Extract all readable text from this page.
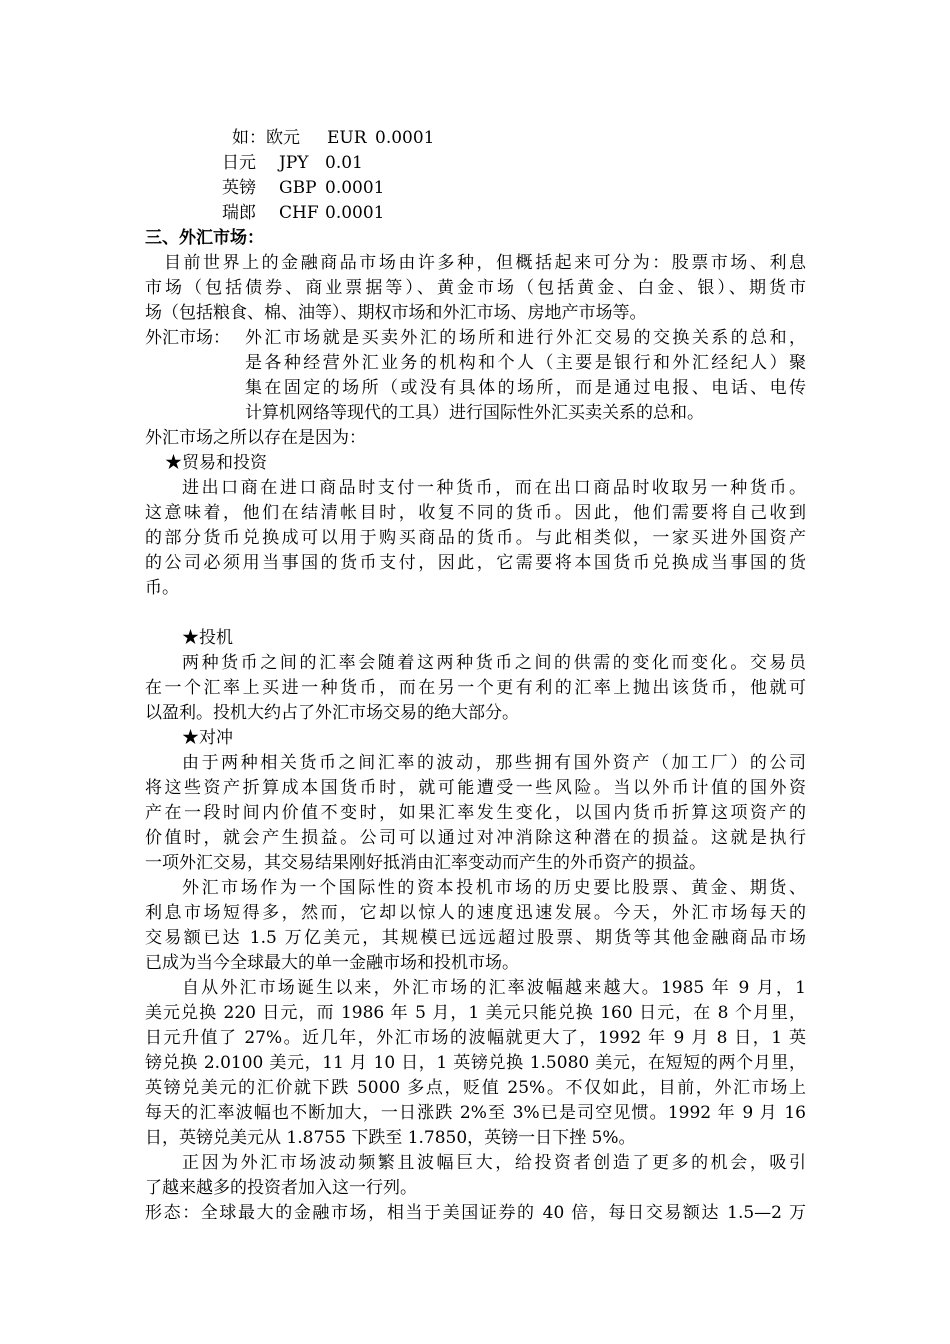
如：欧元 EUR 0.0001
日元 JPY 0.01
英镑 GBP 0.0001
瑞郎 CHF 0.0001
三、外汇市场：
目前世界上的金融商品市场由许多种，但概括起来可分为：股票市场、利息
市场（包括债券、商业票据等）、黄金市场（包括黄金、白金、银）、期货市
场（包括粮食、棉、油等）、期权市场和外汇市场、房地产市场等。
外汇市场： 外汇市场就是买卖外汇的场所和进行外汇交易的交换关系的总和，
是各种经营外汇业务的机构和个人（主要是银行和外汇经纪人）聚
集在固定的场所（或没有具体的场所，而是通过电报、电话、电传
计算机网络等现代的工具）进行国际性外汇买卖关系的总和。
外汇市场之所以存在是因为：
★贸易和投资
进出口商在进口商品时支付一种货币，而在出口商品时收取另一种货币。
这意味着，他们在结清帐目时，收复不同的货币。因此，他们需要将自己收到
的部分货币兑换成可以用于购买商品的货币。与此相类似，一家买进外国资产
的公司必须用当事国的货币支付，因此，它需要将本国货币兑换成当事国的货
币。
★投机
两种货币之间的汇率会随着这两种货币之间的供需的变化而变化。交易员
在一个汇率上买进一种货币，而在另一个更有利的汇率上抛出该货币，他就可
以盈利。投机大约占了外汇市场交易的绝大部分。
★对冲
由于两种相关货币之间汇率的波动，那些拥有国外资产（加工厂）的公司
将这些资产折算成本国货币时，就可能遭受一些风险。当以外币计值的国外资
产在一段时间内价值不变时，如果汇率发生变化，以国内货币折算这项资产的
价值时，就会产生损益。公司可以通过对冲消除这种潜在的损益。这就是执行
一项外汇交易，其交易结果刚好抵消由汇率变动而产生的外币资产的损益。
外汇市场作为一个国际性的资本投机市场的历史要比股票、黄金、期货、
利息市场短得多，然而，它却以惊人的速度迅速发展。今天，外汇市场每天的
交易额已达 1.5 万亿美元，其规模已远远超过股票、期货等其他金融商品市场
已成为当今全球最大的单一金融市场和投机市场。
自从外汇市场诞生以来，外汇市场的汇率波幅越来越大。1985 年 9 月，1
美元兑换 220 日元，而 1986 年 5 月，1 美元只能兑换 160 日元，在 8 个月里，
日元升值了 27%。近几年，外汇市场的波幅就更大了，1992 年 9 月 8 日，1 英
镑兑换 2.0100 美元，11 月 10 日，1 英镑兑换 1.5080 美元，在短短的两个月里，
英镑兑美元的汇价就下跌 5000 多点，贬值 25%。不仅如此，目前，外汇市场上
每天的汇率波幅也不断加大，一日涨跌 2%至 3%已是司空见惯。1992 年 9 月 16
日，英镑兑美元从 1.8755 下跌至 1.7850，英镑一日下挫 5%。
正因为外汇市场波动频繁且波幅巨大，给投资者创造了更多的机会，吸引
了越来越多的投资者加入这一行列。
形态：全球最大的金融市场，相当于美国证券的 40 倍，每日交易额达 1.5—2 万
